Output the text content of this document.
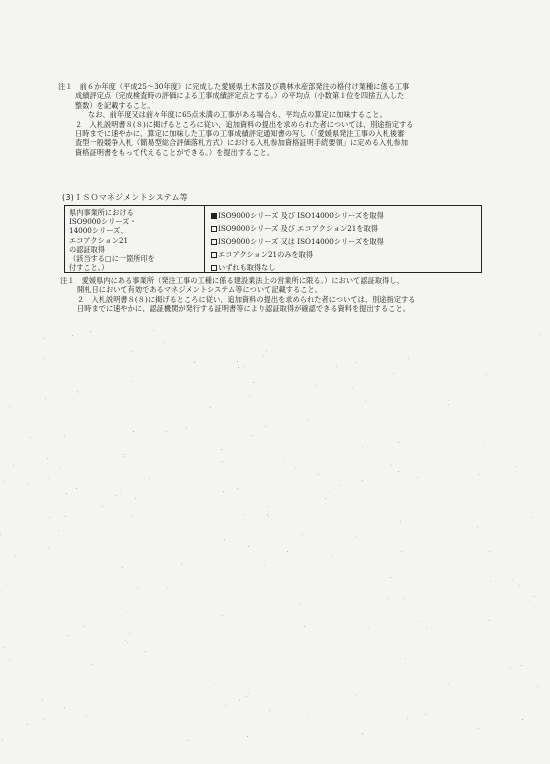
注１　前６か年度（平成25～30年度）に完成した愛媛県土木部及び農林水産部発注の格付け業種に係る工事
成績評定点（完成検査時の評価による工事成績評定点とする。）の平均点（小数第１位を四捨五入した
整数）を記載すること。
なお、前年度又は前々年度に65点未満の工事がある場合も、平均点の算定に加味すること。
２　入札説明書８(８)に掲げるところに従い、追加資料の提出を求められた者については、別途指定する
日時までに速やかに、算定に加味した工事の工事成績評定通知書の写し（「愛媛県発注工事の入札後審
査型一般競争入札（簡易型総合評価落札方式）における入札参加資格証明手続要領」に定める入札参加
資格証明書をもって代えることができる。）を提出すること。
(3)ＩＳＯマネジメントシステム等
県内事業所における
ISO9000シリーズ・
14000シリーズ、
エコアクション21
の認証取得
（該当する□に一箇所印を
付すこと。）
ISO9000シリーズ 及び ISO14000シリーズを取得
ISO9000シリーズ 及び エコアクション21を取得
ISO9000シリーズ 又は ISO14000シリーズを取得
エコアクション21のみを取得
いずれも取得なし
注１　愛媛県内にある事業所（発注工事の工種に係る建設業法上の営業所に限る。）において認証取得し、
開札日において有効であるマネジメントシステム等について記載すること。
２　入札説明書８(８)に掲げるところに従い、追加資料の提出を求められた者については、別途指定する
日時までに速やかに、認証機関が発行する証明書等により認証取得が確認できる資料を提出すること。
